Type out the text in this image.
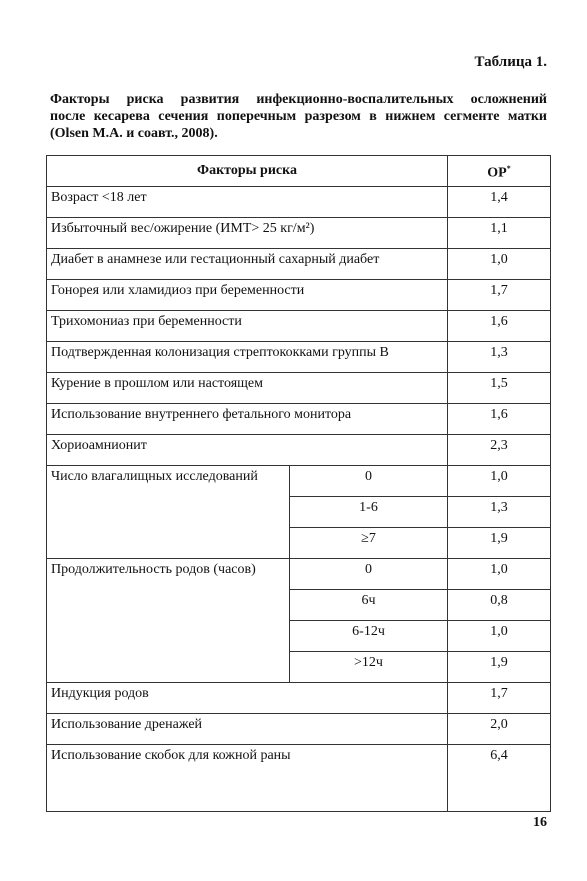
Таблица 1.
Факторы риска развития инфекционно-воспалительных осложнений
после кесарева сечения поперечным разрезом в нижнем сегменте матки
(Olsen M.A. и соавт., 2008).
Факторы риска		ОР*
Возраст <18 лет		1,4
Избыточный вес/ожирение (ИМТ> 25 кг/м²)		1,1
Диабет в анамнезе или гестационный сахарный диабет		1,0
Гонорея или хламидиоз при беременности		1,7
Трихомониаз при беременности		1,6
Подтвержденная колонизация стрептококками группы В		1,3
Курение в прошлом или настоящем		1,5
Использование внутреннего фетального монитора		1,6
Хориоамнионит		2,3
Число влагалищных исследований	0	1,0
	1-6	1,3
	≥7	1,9
Продолжительность родов (часов)	0	1,0
	6ч	0,8
	6-12ч	1,0
	>12ч	1,9
Индукция родов		1,7
Использование дренажей		2,0
Использование скобок для кожной раны		6,4
16
